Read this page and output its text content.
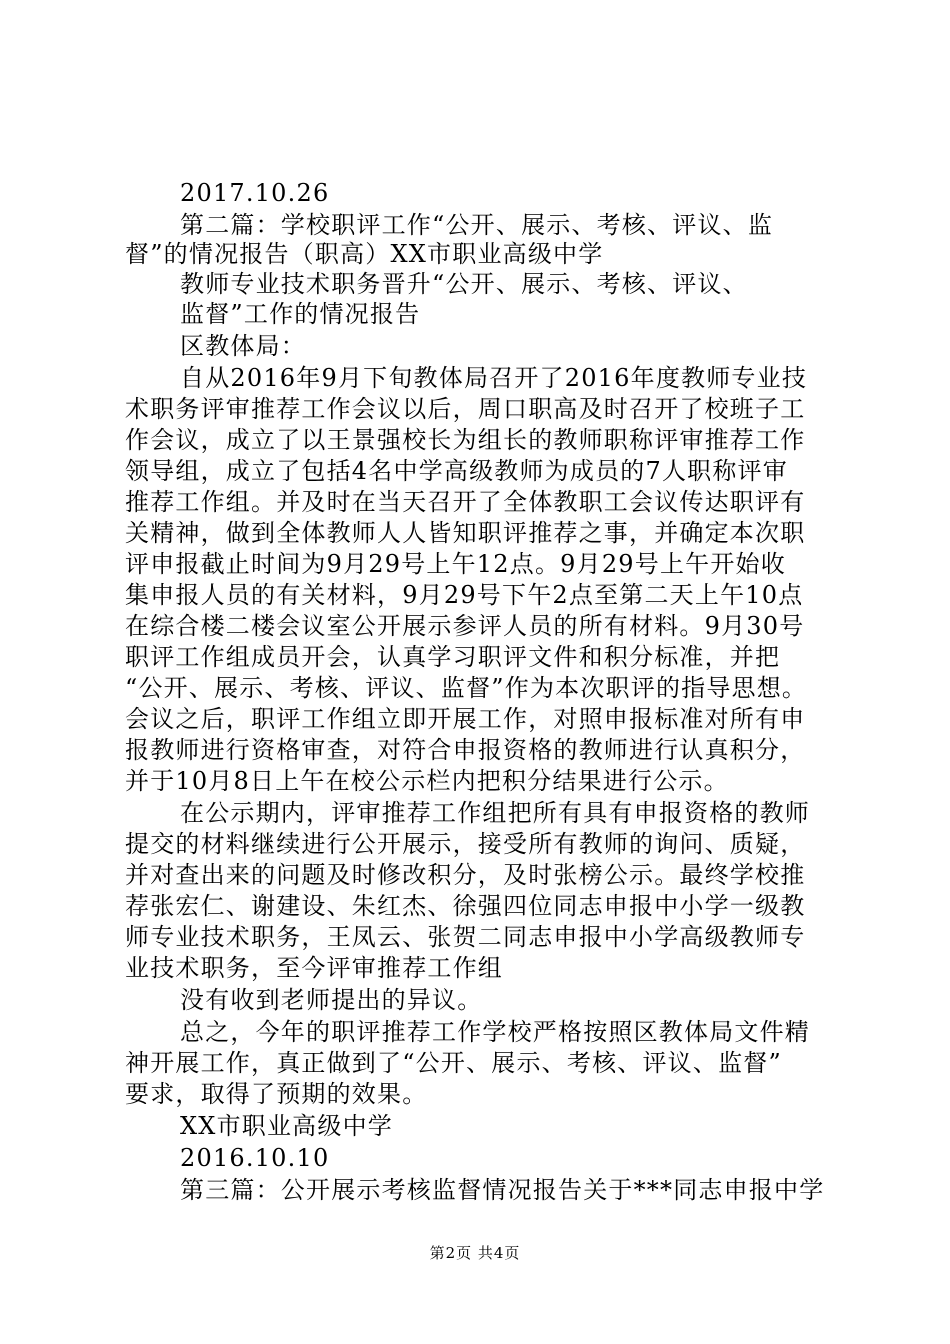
2017.10.26
第二篇：学校职评工作“公开、展示、考核、评议、监
督”的情况报告（职高）XX市职业高级中学
教师专业技术职务晋升“公开、展示、考核、评议、
监督”工作的情况报告
区教体局：
自从2016年9月下旬教体局召开了2016年度教师专业技
术职务评审推荐工作会议以后，周口职高及时召开了校班子工
作会议，成立了以王景强校长为组长的教师职称评审推荐工作
领导组，成立了包括4名中学高级教师为成员的7人职称评审
推荐工作组。并及时在当天召开了全体教职工会议传达职评有
关精神，做到全体教师人人皆知职评推荐之事，并确定本次职
评申报截止时间为9月29号上午12点。9月29号上午开始收
集申报人员的有关材料，9月29号下午2点至第二天上午10点
在综合楼二楼会议室公开展示参评人员的所有材料。9月30号
职评工作组成员开会，认真学习职评文件和积分标准，并把
“公开、展示、考核、评议、监督”作为本次职评的指导思想。
会议之后，职评工作组立即开展工作，对照申报标准对所有申
报教师进行资格审查，对符合申报资格的教师进行认真积分，
并于10月8日上午在校公示栏内把积分结果进行公示。
在公示期内，评审推荐工作组把所有具有申报资格的教师
提交的材料继续进行公开展示，接受所有教师的询问、质疑，
并对查出来的问题及时修改积分，及时张榜公示。最终学校推
荐张宏仁、谢建设、朱红杰、徐强四位同志申报中小学一级教
师专业技术职务，王凤云、张贺二同志申报中小学高级教师专
业技术职务，至今评审推荐工作组
没有收到老师提出的异议。
总之，今年的职评推荐工作学校严格按照区教体局文件精
神开展工作，真正做到了“公开、展示、考核、评议、监督”
要求，取得了预期的效果。
XX市职业高级中学
2016.10.10
第三篇：公开展示考核监督情况报告关于***同志申报中学
第2页 共4页
